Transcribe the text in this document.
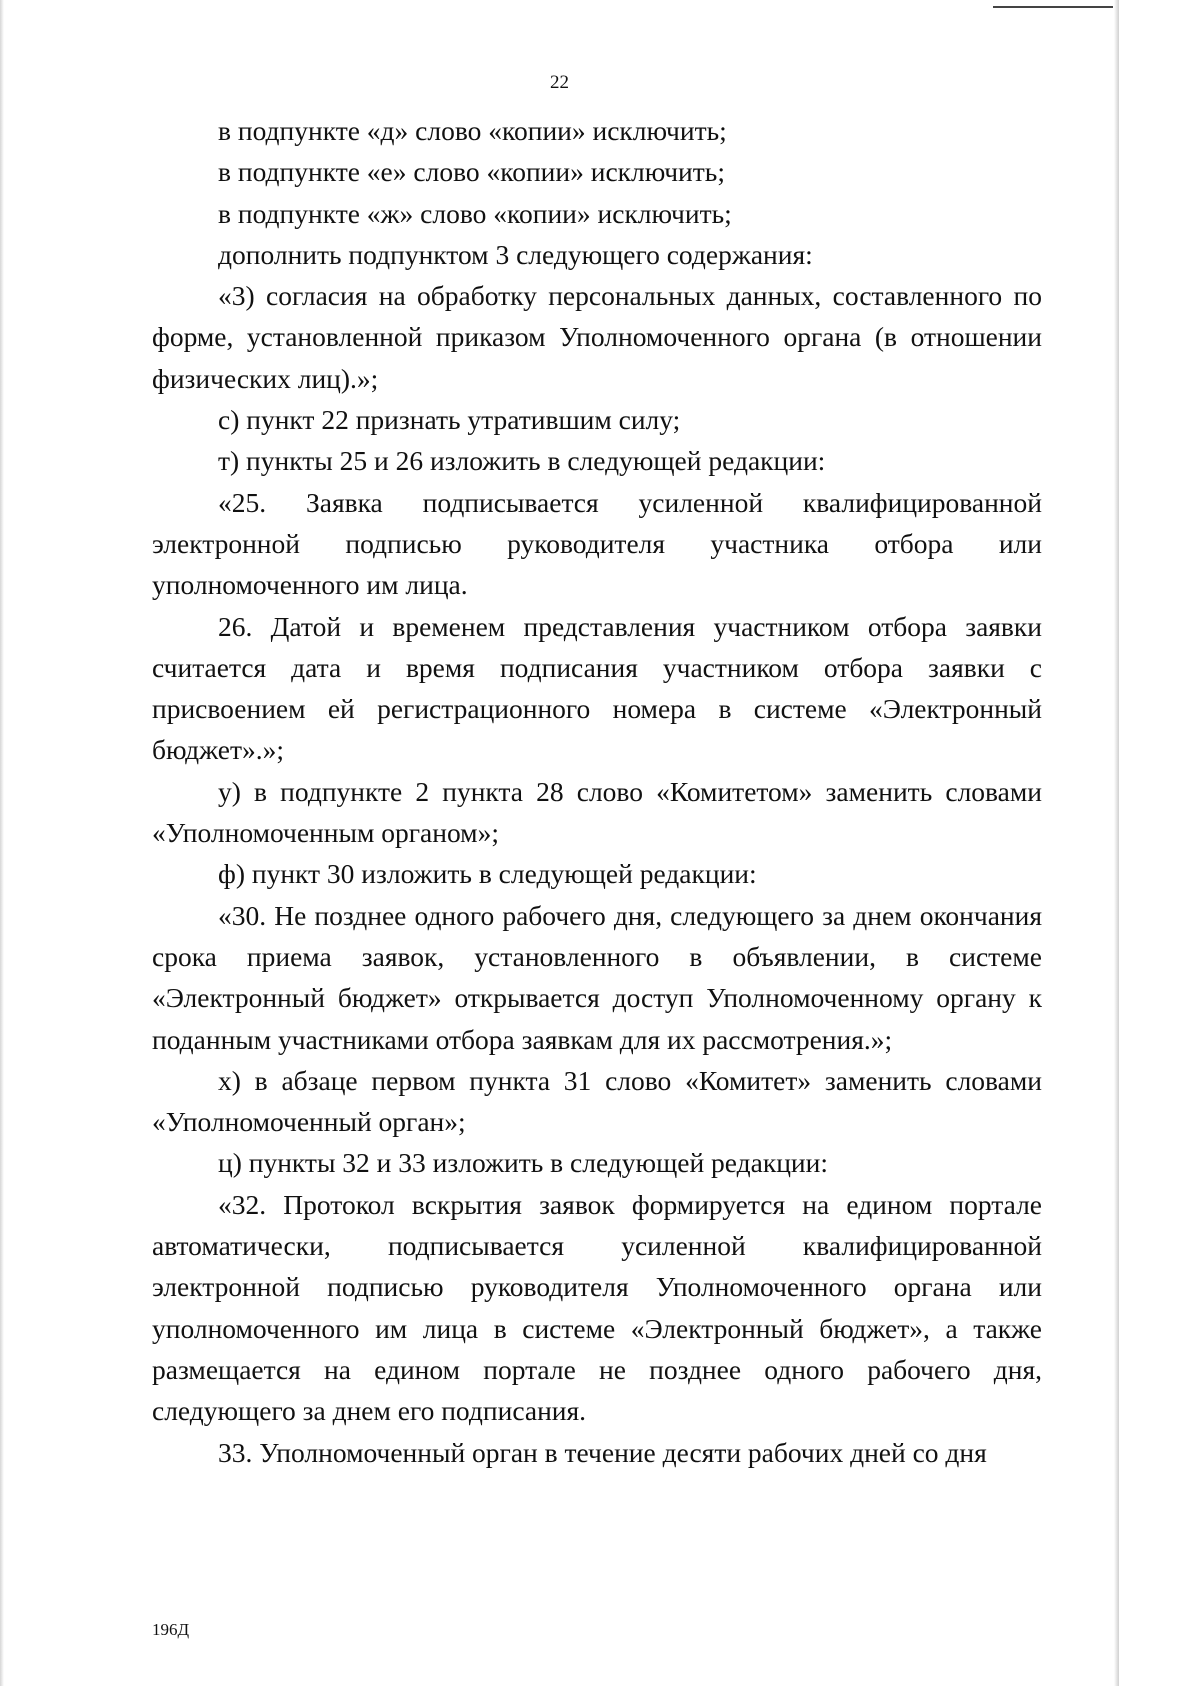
22

в подпункте «д» слово «копии» исключить;

в подпункте «е» слово «копии» исключить;

в подпункте «ж» слово «копии» исключить;

дополнить подпунктом 3 следующего содержания:

«3) согласия на обработку персональных данных, составленного по форме, установленной приказом Уполномоченного органа (в отношении физических лиц).»;

с) пункт 22 признать утратившим силу;

т) пункты 25 и 26 изложить в следующей редакции:

«25. Заявка подписывается усиленной квалифицированной электронной подписью руководителя участника отбора или уполномоченного им лица.

26. Датой и временем представления участником отбора заявки считается дата и время подписания участником отбора заявки с присвоением ей регистрационного номера в системе «Электронный бюджет».»;

у) в подпункте 2 пункта 28 слово «Комитетом» заменить словами «Уполномоченным органом»;

ф) пункт 30 изложить в следующей редакции:

«30. Не позднее одного рабочего дня, следующего за днем окончания срока приема заявок, установленного в объявлении, в системе «Электронный бюджет» открывается доступ Уполномоченному органу к поданным участниками отбора заявкам для их рассмотрения.»;

х) в абзаце первом пункта 31 слово «Комитет» заменить словами «Уполномоченный орган»;

ц) пункты 32 и 33 изложить в следующей редакции:

«32. Протокол вскрытия заявок формируется на едином портале автоматически, подписывается усиленной квалифицированной электронной подписью руководителя Уполномоченного органа или уполномоченного им лица в системе «Электронный бюджет», а также размещается на едином портале не позднее одного рабочего дня, следующего за днем его подписания.

33. Уполномоченный орган в течение десяти рабочих дней со дня

196Д
